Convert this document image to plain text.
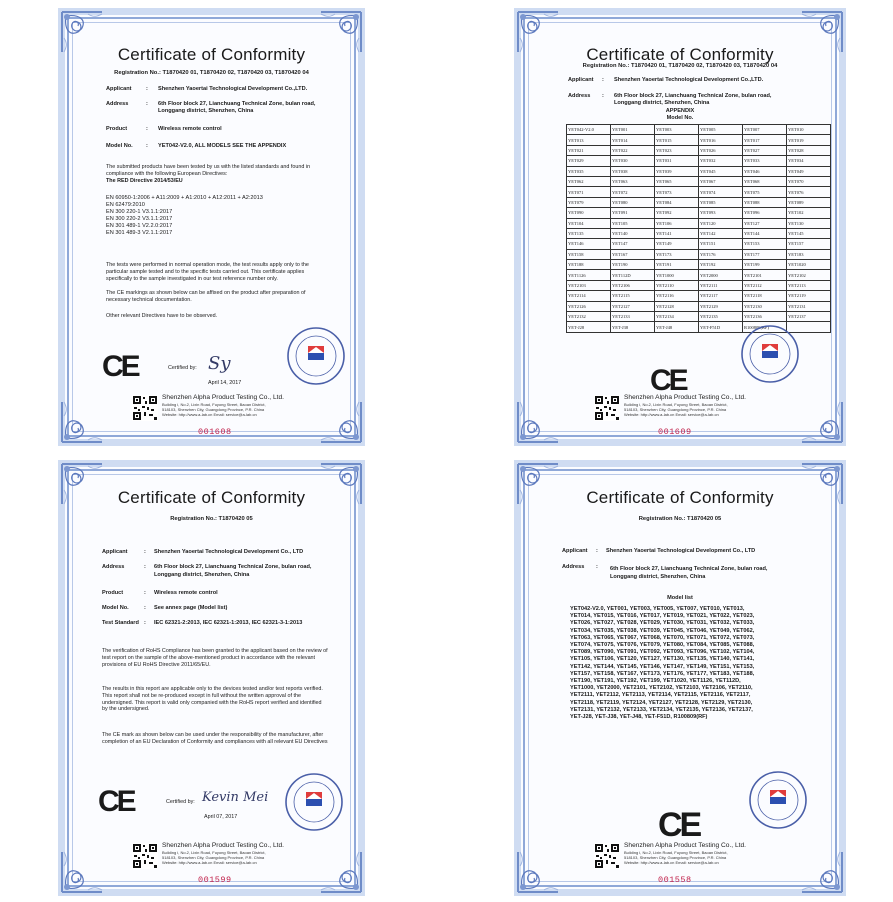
Certificate of Conformity
Registration No.: T1870420 01, T1870420 02, T1870420 03, T1870420 04
Applicant	: Shenzhen Yaoertai Technological Development Co.,LTD.
Address	: 6th Floor block 27, Lianchuang Technical Zone, bulan road,
Longgang district, Shenzhen, China
Product	: Wireless remote control
Model No. : YET042-V2.0, ALL MODELS SEE THE APPENDIX
The submitted products have been tested by us with the listed standards and found in compliance with the following European Directives:
The RED Directive 2014/53/EU
EN 60950-1:2006 + A11:2009 + A1:2010 + A12:2011 + A2:2013
EN 62479:2010
EN 300 220-1 V3.1.1:2017
EN 300 220-2 V3.1.1:2017
EN 301 489-1 V2.2.0:2017
EN 301 489-3 V2.1.1:2017
The tests were performed in normal operation mode, the test results apply only to the particular sample tested and to the specific tests carried out. This certificate applies specifically to the sample investigated in our test reference number only.
The CE markings as shown below can be affixed on the product after preparation of necessary technical documentation.
Other relevant Directives have to be observed.
CE	Certified by: Sy
April 14, 2017
Shenzhen Alpha Product Testing Co., Ltd.
Building i, No.2, Lixin Road, Fuyong Street, Baoan District,
518103, Shenzhen City, Guangdong Province, P.R. China
Website: http://www.a-lab.cn Email: service@a-lab.cn
001608
Certificate of Conformity
Registration No.: T1870420 01, T1870420 02, T1870420 03, T1870420 04
Applicant : Shenzhen Yaoertai Technological Development Co.,LTD.
Address : 6th Floor block 27, Lianchuang Technical Zone, bulan road,
Longgang district, Shenzhen, China
APPENDIX
Model No.
YET042-V2.0	YET001	YET003	YET005	YET007	YET010
YET013	YET014	YET015	YET016	YET017	YET019
YET021	YET022	YET023	YET026	YET027	YET028
YET029	YET030	YET031	YET032	YET033	YET034
YET035	YET038	YET039	YET045	YET046	YET049
YET062	YET063	YET065	YET067	YET068	YET070
YET071	YET072	YET073	YET074	YET075	YET076
YET079	YET080	YET084	YET085	YET088	YET089
YET090	YET091	YET092	YET093	YET096	YET102
YET104	YET105	YET106	YET120	YET127	YET130
YET135	YET140	YET141	YET142	YET144	YET145
YET146	YET147	YET149	YET151	YET153	YET157
YET158	YET167	YET173	YET176	YET177	YET183
YET188	YET190	YET191	YET192	YET199	YET1020
YET1126	YET112D	YET1000	YET2000	YET2101	YET2102
YET2103	YET2106	YET2110	YET2111	YET2112	YET2113
YET2114	YET2115	YET2116	YET2117	YET2118	YET2119
YET2126	YET2127	YET2128	YET2129	YET2130	YET2131
YET2132	YET2133	YET2134	YET2135	YET2136	YET2137
YET-J28	YET-J38	YET-J48	YET-F51D	R100809(RF)	
CE
Shenzhen Alpha Product Testing Co., Ltd.
Building i, No.2, Lixin Road, Fuyong Street, Baoan District,
518103, Shenzhen City, Guangdong Province, P.R. China
Website: http://www.a-lab.cn Email: service@a-lab.cn
001609
Certificate of Conformity
Registration No.: T1870420 05
Applicant	: Shenzhen Yaoertai Technological Development Co., LTD
Address	: 6th Floor block 27, Lianchuang Technical Zone, bulan road,
Longgang district, Shenzhen, China
Product	: Wireless remote control
Model No.	: See annex page (Model list)
Test Standard : IEC 62321-2:2013, IEC 62321-1:2013, IEC 62321-3-1:2013
The verification of RoHS Compliance has been granted to the applicant based on the review of test report on the sample of the above-mentioned product in accordance with the relevant provisions of EU RoHS Directive 2011/65/EU.
The results in this report are applicable only to the devices tested and/or test reports verified. This report shall not be re-produced except in full without the written approval of the undersigned. This report is valid only companied with the RoHS report verified and identified by the undersigned.
The CE mark as shown below can be used under the responsibility of the manufacturer, after completion of an EU Declaration of Conformity and compliances with all relevant EU Directives
CE	Certified by: Kevin Mei
April 07, 2017
Shenzhen Alpha Product Testing Co., Ltd.
Building i, No.2, Lixin Road, Fuyong Street, Baoan District,
518103, Shenzhen City, Guangdong Province, P.R. China
Website: http://www.a-lab.cn Email: service@a-lab.cn
001599
Certificate of Conformity
Registration No.: T1870420 05
Applicant : Shenzhen Yaoertai Technological Development Co., LTD
Address : 6th Floor block 27, Lianchuang Technical Zone, bulan road,
Longgang district, Shenzhen, China
Model list
YET042-V2.0, YET001, YET003, YET005, YET007, YET010, YET013,
YET014, YET015, YET016, YET017, YET019, YET021, YET022, YET023,
YET026, YET027, YET028, YET029, YET030, YET031, YET032, YET033,
YET034, YET035, YET038, YET039, YET045, YET046, YET049, YET062,
YET063, YET065, YET067, YET068, YET070, YET071, YET072, YET073,
YET074, YET075, YET076, YET079, YET080, YET084, YET085, YET088,
YET089, YET090, YET091, YET092, YET093, YET096, YET102, YET104,
YET105, YET106, YET120, YET127, YET130, YET135, YET140, YET141,
YET142, YET144, YET145, YET146, YET147, YET149, YET151, YET153,
YET157, YET158, YET167, YET173, YET176, YET177, YET183, YET188,
YET190, YET191, YET192, YET199, YET1020, YET1126, YET112D,
YET1000, YET2000, YET2101, YET2102, YET2103, YET2106, YET2110,
YET2111, YET2112, YET2113, YET2114, YET2115, YET2116, YET2117,
YET2118, YET2119, YET2124, YET2127, YET2128, YET2129, YET2130,
YET2131, YET2132, YET2133, YET2134, YET2135, YET2136, YET2137,
YET-J28, YET-J38, YET-J48, YET-F51D, R100809(RF)
CE
Shenzhen Alpha Product Testing Co., Ltd.
Building i, No.2, Lixin Road, Fuyong Street, Baoan District,
518103, Shenzhen City, Guangdong Province, P.R. China
Website: http://www.a-lab.cn Email: service@a-lab.cn
001558
